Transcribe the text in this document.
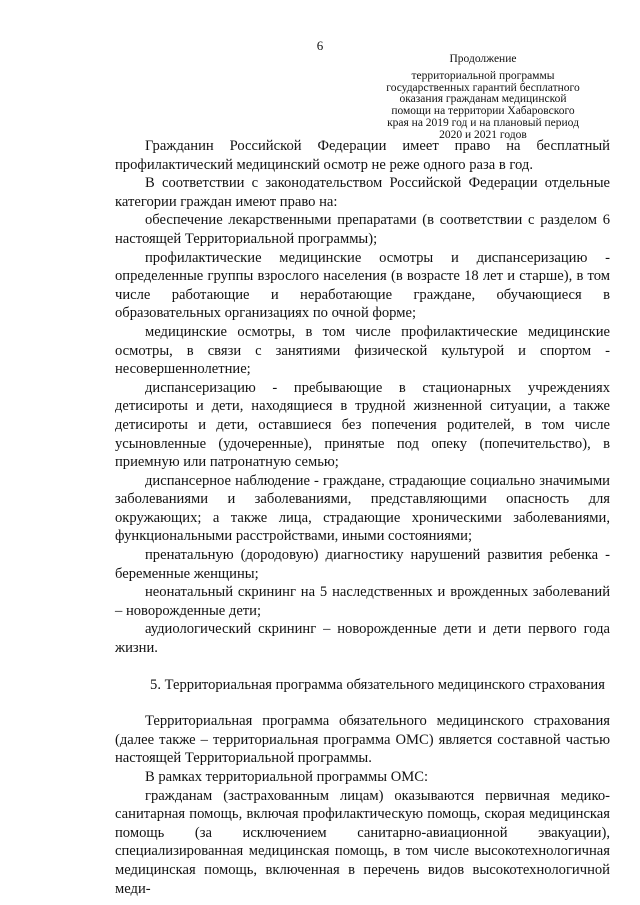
6
Продолжение
территориальной программы
государственных гарантий бесплатного
оказания гражданам медицинской
помощи на территории Хабаровского
края на 2019 год и на плановый период
2020 и 2021 годов

Гражданин Российской Федерации имеет право на бесплатный профилактический медицинский осмотр не реже одного раза в год.

В соответствии с законодательством Российской Федерации отдельные категории граждан имеют право на:

обеспечение лекарственными препаратами (в соответствии с разделом 6 настоящей Территориальной программы);

профилактические медицинские осмотры и диспансеризацию - определенные группы взрослого населения (в возрасте 18 лет и старше), в том числе работающие и неработающие граждане, обучающиеся в образовательных организациях по очной форме;

медицинские осмотры, в том числе профилактические медицинские осмотры, в связи с занятиями физической культурой и спортом - несовершеннолетние;

диспансеризацию - пребывающие в стационарных учреждениях детисироты и дети, находящиеся в трудной жизненной ситуации, а также детисироты и дети, оставшиеся без попечения родителей, в том числе усыновленные (удочеренные), принятые под опеку (попечительство), в приемную или патронатную семью;

диспансерное наблюдение - граждане, страдающие социально значимыми заболеваниями и заболеваниями, представляющими опасность для окружающих; а также лица, страдающие хроническими заболеваниями, функциональными расстройствами, иными состояниями;

пренатальную (дородовую) диагностику нарушений развития ребенка - беременные женщины;

неонатальный скрининг на 5 наследственных и врожденных заболеваний – новорожденные дети;

аудиологический скрининг – новорожденные дети и дети первого года жизни.

5. Территориальная программа обязательного медицинского страхования

Территориальная программа обязательного медицинского страхования (далее также – территориальная программа ОМС) является составной частью настоящей Территориальной программы.

В рамках территориальной программы ОМС:

гражданам (застрахованным лицам) оказываются первичная медико-санитарная помощь, включая профилактическую помощь, скорая медицинская помощь (за исключением санитарно-авиационной эвакуации), специализированная медицинская помощь, в том числе высокотехнологичная медицинская помощь, включенная в перечень видов высокотехнологичной меди-
